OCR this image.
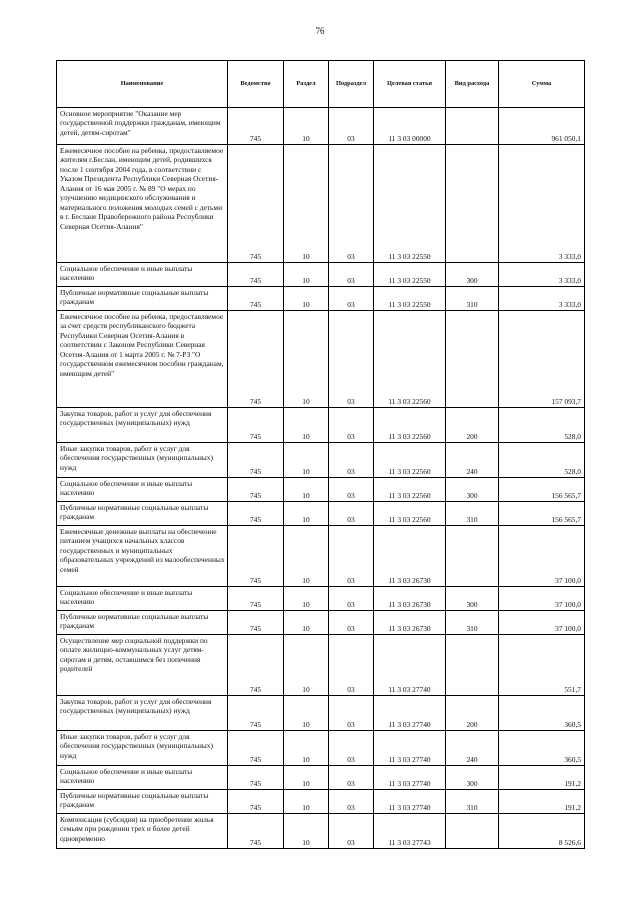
76
Наименование	Ведомство	Раздел	Подраздел	Целевая статья	Вид расхода	Сумма
Основное мероприятие "Оказание мер государственной поддержки гражданам, имеющим детей, детям-сиротам"	745	10	03	11 3 03 00000		961 050,1
Ежемесячное пособие на ребенка, предоставляемое жителям г.Беслан, имеющим детей, родившихся после 1 сентября 2004 года, в соответствии с Указом Президента Республики Северная Осетия-Алания от 16 мая 2005 г. № 89 "О мерах по улучшению медицинского обслуживания и материального положения молодых семей с детьми в г. Беслане Правобережного района Республики Северная Осетия-Алания"	745	10	03	11 3 03 22550		3 333,0
Социальное обеспечение и иные выплаты населению	745	10	03	11 3 03 22550	300	3 333,0
Публичные нормативные социальные выплаты гражданам	745	10	03	11 3 03 22550	310	3 333,0
Ежемесячное пособие на ребенка, предоставляемое за счет средств республиканского бюджета Республики Северная Осетия-Алания в соответствии с Законом Республики Северная Осетия-Алания от 1 марта 2005 г. № 7-РЗ "О государственном ежемесячном пособии гражданам, имеющим детей"	745	10	03	11 3 03 22560		157 093,7
Закупка товаров, работ и услуг для обеспечения государственных (муниципальных) нужд	745	10	03	11 3 03 22560	200	528,0
Иные закупки товаров, работ и услуг для обеспечения государственных (муниципальных) нужд	745	10	03	11 3 03 22560	240	528,0
Социальное обеспечение и иные выплаты населению	745	10	03	11 3 03 22560	300	156 565,7
Публичные нормативные социальные выплаты гражданам	745	10	03	11 3 03 22560	310	156 565,7
Ежемесячные денежные выплаты на обеспечение питанием учащихся начальных классов государственных и муниципальных образовательных учреждений из малообеспеченных семей	745	10	03	11 3 03 26730		37 100,0
Социальное обеспечение и иные выплаты населению	745	10	03	11 3 03 26730	300	37 100,0
Публичные нормативные социальные выплаты гражданам	745	10	03	11 3 03 26730	310	37 100,0
Осуществление мер социальной поддержки по оплате жилищно-коммунальных услуг детям-сиротам и детям, оставшимся без попечения родителей	745	10	03	11 3 03 27740		551,7
Закупка товаров, работ и услуг для обеспечения государственных (муниципальных) нужд	745	10	03	11 3 03 27740	200	360,5
Иные закупки товаров, работ и услуг для обеспечения государственных (муниципальных) нужд	745	10	03	11 3 03 27740	240	360,5
Социальное обеспечение и иные выплаты населению	745	10	03	11 3 03 27740	300	191,2
Публичные нормативные социальные выплаты гражданам	745	10	03	11 3 03 27740	310	191,2
Компенсация (субсидия) на приобретение жилья семьям при рождении трех и более детей одновременно	745	10	03	11 3 03 27743		8 526,6
